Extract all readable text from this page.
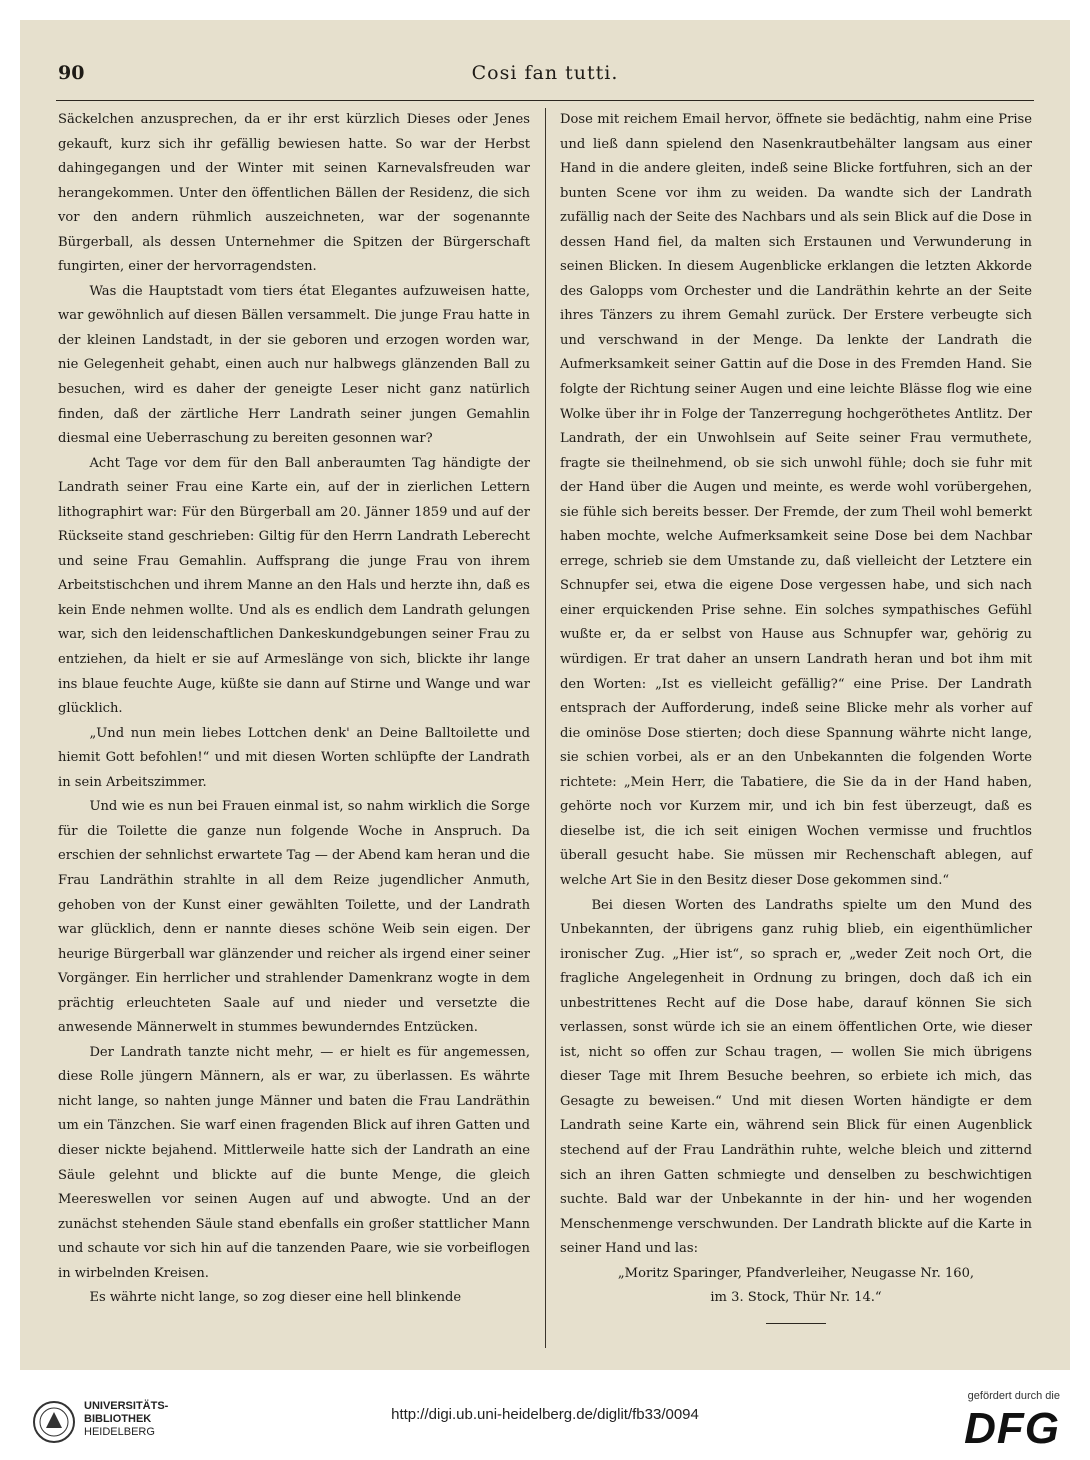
90	Cosi fan tutti.

Säckelchen anzusprechen, da er ihr erst kürzlich Dieses oder Jenes gekauft, kurz sich ihr gefällig bewiesen hatte. So war der Herbst dahingegangen und der Winter mit seinen Karnevalsfreuden war herangekommen. Unter den öffentlichen Bällen der Residenz, die sich vor den andern rühmlich auszeichneten, war der sogenannte Bürgerball, als dessen Unternehmer die Spitzen der Bürgerschaft fungirten, einer der hervorragendsten.

Was die Hauptstadt vom tiers état Elegantes aufzuweisen hatte, war gewöhnlich auf diesen Bällen versammelt. Die junge Frau hatte in der kleinen Landstadt, in der sie geboren und erzogen worden war, nie Gelegenheit gehabt, einen auch nur halbwegs glänzenden Ball zu besuchen, wird es daher der geneigte Leser nicht ganz natürlich finden, daß der zärtliche Herr Landrath seiner jungen Gemahlin diesmal eine Ueberraschung zu bereiten gesonnen war?

Acht Tage vor dem für den Ball anberaumten Tag händigte der Landrath seiner Frau eine Karte ein, auf der in zierlichen Lettern lithographirt war: Für den Bürgerball am 20. Jänner 1859 und auf der Rückseite stand geschrieben: Giltig für den Herrn Landrath Leberecht und seine Frau Gemahlin. Auffsprang die junge Frau von ihrem Arbeitstischchen und ihrem Manne an den Hals und herzte ihn, daß es kein Ende nehmen wollte. Und als es endlich dem Landrath gelungen war, sich den leidenschaftlichen Dankeskundgebungen seiner Frau zu entziehen, da hielt er sie auf Armeslänge von sich, blickte ihr lange ins blaue feuchte Auge, küßte sie dann auf Stirne und Wange und war glücklich.

„Und nun mein liebes Lottchen denk' an Deine Balltoilette und hiemit Gott befohlen!“ und mit diesen Worten schlüpfte der Landrath in sein Arbeitszimmer.

Und wie es nun bei Frauen einmal ist, so nahm wirklich die Sorge für die Toilette die ganze nun folgende Woche in Anspruch. Da erschien der sehnlichst erwartete Tag — der Abend kam heran und die Frau Landräthin strahlte in all dem Reize jugendlicher Anmuth, gehoben von der Kunst einer gewählten Toilette, und der Landrath war glücklich, denn er nannte dieses schöne Weib sein eigen. Der heurige Bürgerball war glänzender und reicher als irgend einer seiner Vorgänger. Ein herrlicher und strahlender Damenkranz wogte in dem prächtig erleuchteten Saale auf und nieder und versetzte die anwesende Männerwelt in stummes bewunderndes Entzücken.

Der Landrath tanzte nicht mehr, — er hielt es für angemessen, diese Rolle jüngern Männern, als er war, zu überlassen. Es währte nicht lange, so nahten junge Männer und baten die Frau Landräthin um ein Tänzchen. Sie warf einen fragenden Blick auf ihren Gatten und dieser nickte bejahend. Mittlerweile hatte sich der Landrath an eine Säule gelehnt und blickte auf die bunte Menge, die gleich Meereswellen vor seinen Augen auf und abwogte. Und an der zunächst stehenden Säule stand ebenfalls ein großer stattlicher Mann und schaute vor sich hin auf die tanzenden Paare, wie sie vorbeiflogen in wirbelnden Kreisen.

Es währte nicht lange, so zog dieser eine hell blinkende

Dose mit reichem Email hervor, öffnete sie bedächtig, nahm eine Prise und ließ dann spielend den Nasenkrautbehälter langsam aus einer Hand in die andere gleiten, indeß seine Blicke fortfuhren, sich an der bunten Scene vor ihm zu weiden. Da wandte sich der Landrath zufällig nach der Seite des Nachbars und als sein Blick auf die Dose in dessen Hand fiel, da malten sich Erstaunen und Verwunderung in seinen Blicken. In diesem Augenblicke erklangen die letzten Akkorde des Galopps vom Orchester und die Landräthin kehrte an der Seite ihres Tänzers zu ihrem Gemahl zurück. Der Erstere verbeugte sich und verschwand in der Menge. Da lenkte der Landrath die Aufmerksamkeit seiner Gattin auf die Dose in des Fremden Hand. Sie folgte der Richtung seiner Augen und eine leichte Blässe flog wie eine Wolke über ihr in Folge der Tanzerregung hochgeröthetes Antlitz. Der Landrath, der ein Unwohlsein auf Seite seiner Frau vermuthete, fragte sie theilnehmend, ob sie sich unwohl fühle; doch sie fuhr mit der Hand über die Augen und meinte, es werde wohl vorübergehen, sie fühle sich bereits besser. Der Fremde, der zum Theil wohl bemerkt haben mochte, welche Aufmerksamkeit seine Dose bei dem Nachbar errege, schrieb sie dem Umstande zu, daß vielleicht der Letztere ein Schnupfer sei, etwa die eigene Dose vergessen habe, und sich nach einer erquickenden Prise sehne. Ein solches sympathisches Gefühl wußte er, da er selbst von Hause aus Schnupfer war, gehörig zu würdigen. Er trat daher an unsern Landrath heran und bot ihm mit den Worten: „Ist es vielleicht gefällig?“ eine Prise. Der Landrath entsprach der Aufforderung, indeß seine Blicke mehr als vorher auf die ominöse Dose stierten; doch diese Spannung währte nicht lange, sie schien vorbei, als er an den Unbekannten die folgenden Worte richtete: „Mein Herr, die Tabatiere, die Sie da in der Hand haben, gehörte noch vor Kurzem mir, und ich bin fest überzeugt, daß es dieselbe ist, die ich seit einigen Wochen vermisse und fruchtlos überall gesucht habe. Sie müssen mir Rechenschaft ablegen, auf welche Art Sie in den Besitz dieser Dose gekommen sind.“

Bei diesen Worten des Landraths spielte um den Mund des Unbekannten, der übrigens ganz ruhig blieb, ein eigenthümlicher ironischer Zug. „Hier ist“, so sprach er, „weder Zeit noch Ort, die fragliche Angelegenheit in Ordnung zu bringen, doch daß ich ein unbestrittenes Recht auf die Dose habe, darauf können Sie sich verlassen, sonst würde ich sie an einem öffentlichen Orte, wie dieser ist, nicht so offen zur Schau tragen, — wollen Sie mich übrigens dieser Tage mit Ihrem Besuche beehren, so erbiete ich mich, das Gesagte zu beweisen.“ Und mit diesen Worten händigte er dem Landrath seine Karte ein, während sein Blick für einen Augenblick stechend auf der Frau Landräthin ruhte, welche bleich und zitternd sich an ihren Gatten schmiegte und denselben zu beschwichtigen suchte. Bald war der Unbekannte in der hin- und her wogenden Menschenmenge verschwunden. Der Landrath blickte auf die Karte in seiner Hand und las:

„Moritz Sparinger, Pfandverleiher, Neugasse Nr. 160,

im 3. Stock, Thür Nr. 14.“

UNIVERSITÄTS-
BIBLIOTHEK
HEIDELBERG
http://digi.ub.uni-heidelberg.de/diglit/fb33/0094
gefördert durch die
DFG
